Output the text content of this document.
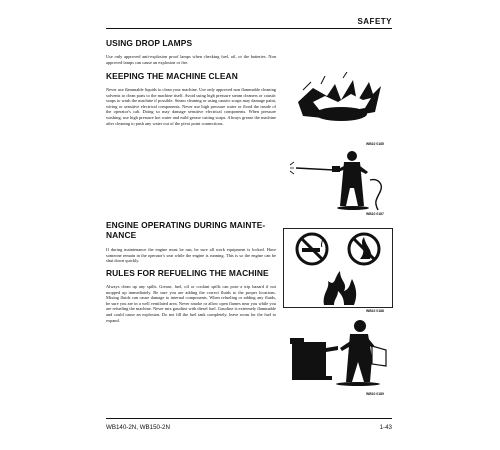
SAFETY
USING DROP LAMPS
Use only approved anti-explosion proof lamps when checking fuel, oil, or the batteries. Non approved lamps can cause an explosion or fire.
KEEPING THE MACHINE CLEAN
Never use flammable liquids to clean your machine. Use only approved non flammable cleaning solvents to clean parts to the machine itself. Avoid using high pressure steam cleaners or caustic soaps to wash the machine if possible. Steam cleaning or using caustic soaps may damage paint, wiring or sensitive electrical components. Never use high pressure water or flood the inside of the operator's cab. Doing so may damage sensitive electrical components. When pressure washing, use high pressure hot water and mild grease cutting soaps. Always grease the machine after cleaning to push any water out of the pivot point connections.
WB10 0185
WB10 0187
ENGINE OPERATING DURING MAINTE-
NANCE
If during maintenance the engine must be run, be sure all work equipment is locked. Have someone remain in the operator's seat while the engine is running. This is so the engine can be shut down quickly.
RULES FOR REFUELING THE MACHINE
Always clean up any spills. Grease, fuel, oil or coolant spills can pose a trip hazard if not mopped up immediately. Be sure you are adding the correct fluids to the proper locations. Mixing fluids can cause damage to internal components. When refueling or adding any fluids, be sure you are in a well ventilated area. Never smoke or allow open flames near you while you are refueling the machine. Never mix gasoline with diesel fuel. Gasoline is extremely flammable and could cause an explosion. Do not fill the fuel tank completely, leave room for the fuel to expand.
WB10 0188
WB10 0189
WB140-2N, WB150-2N	1-43
